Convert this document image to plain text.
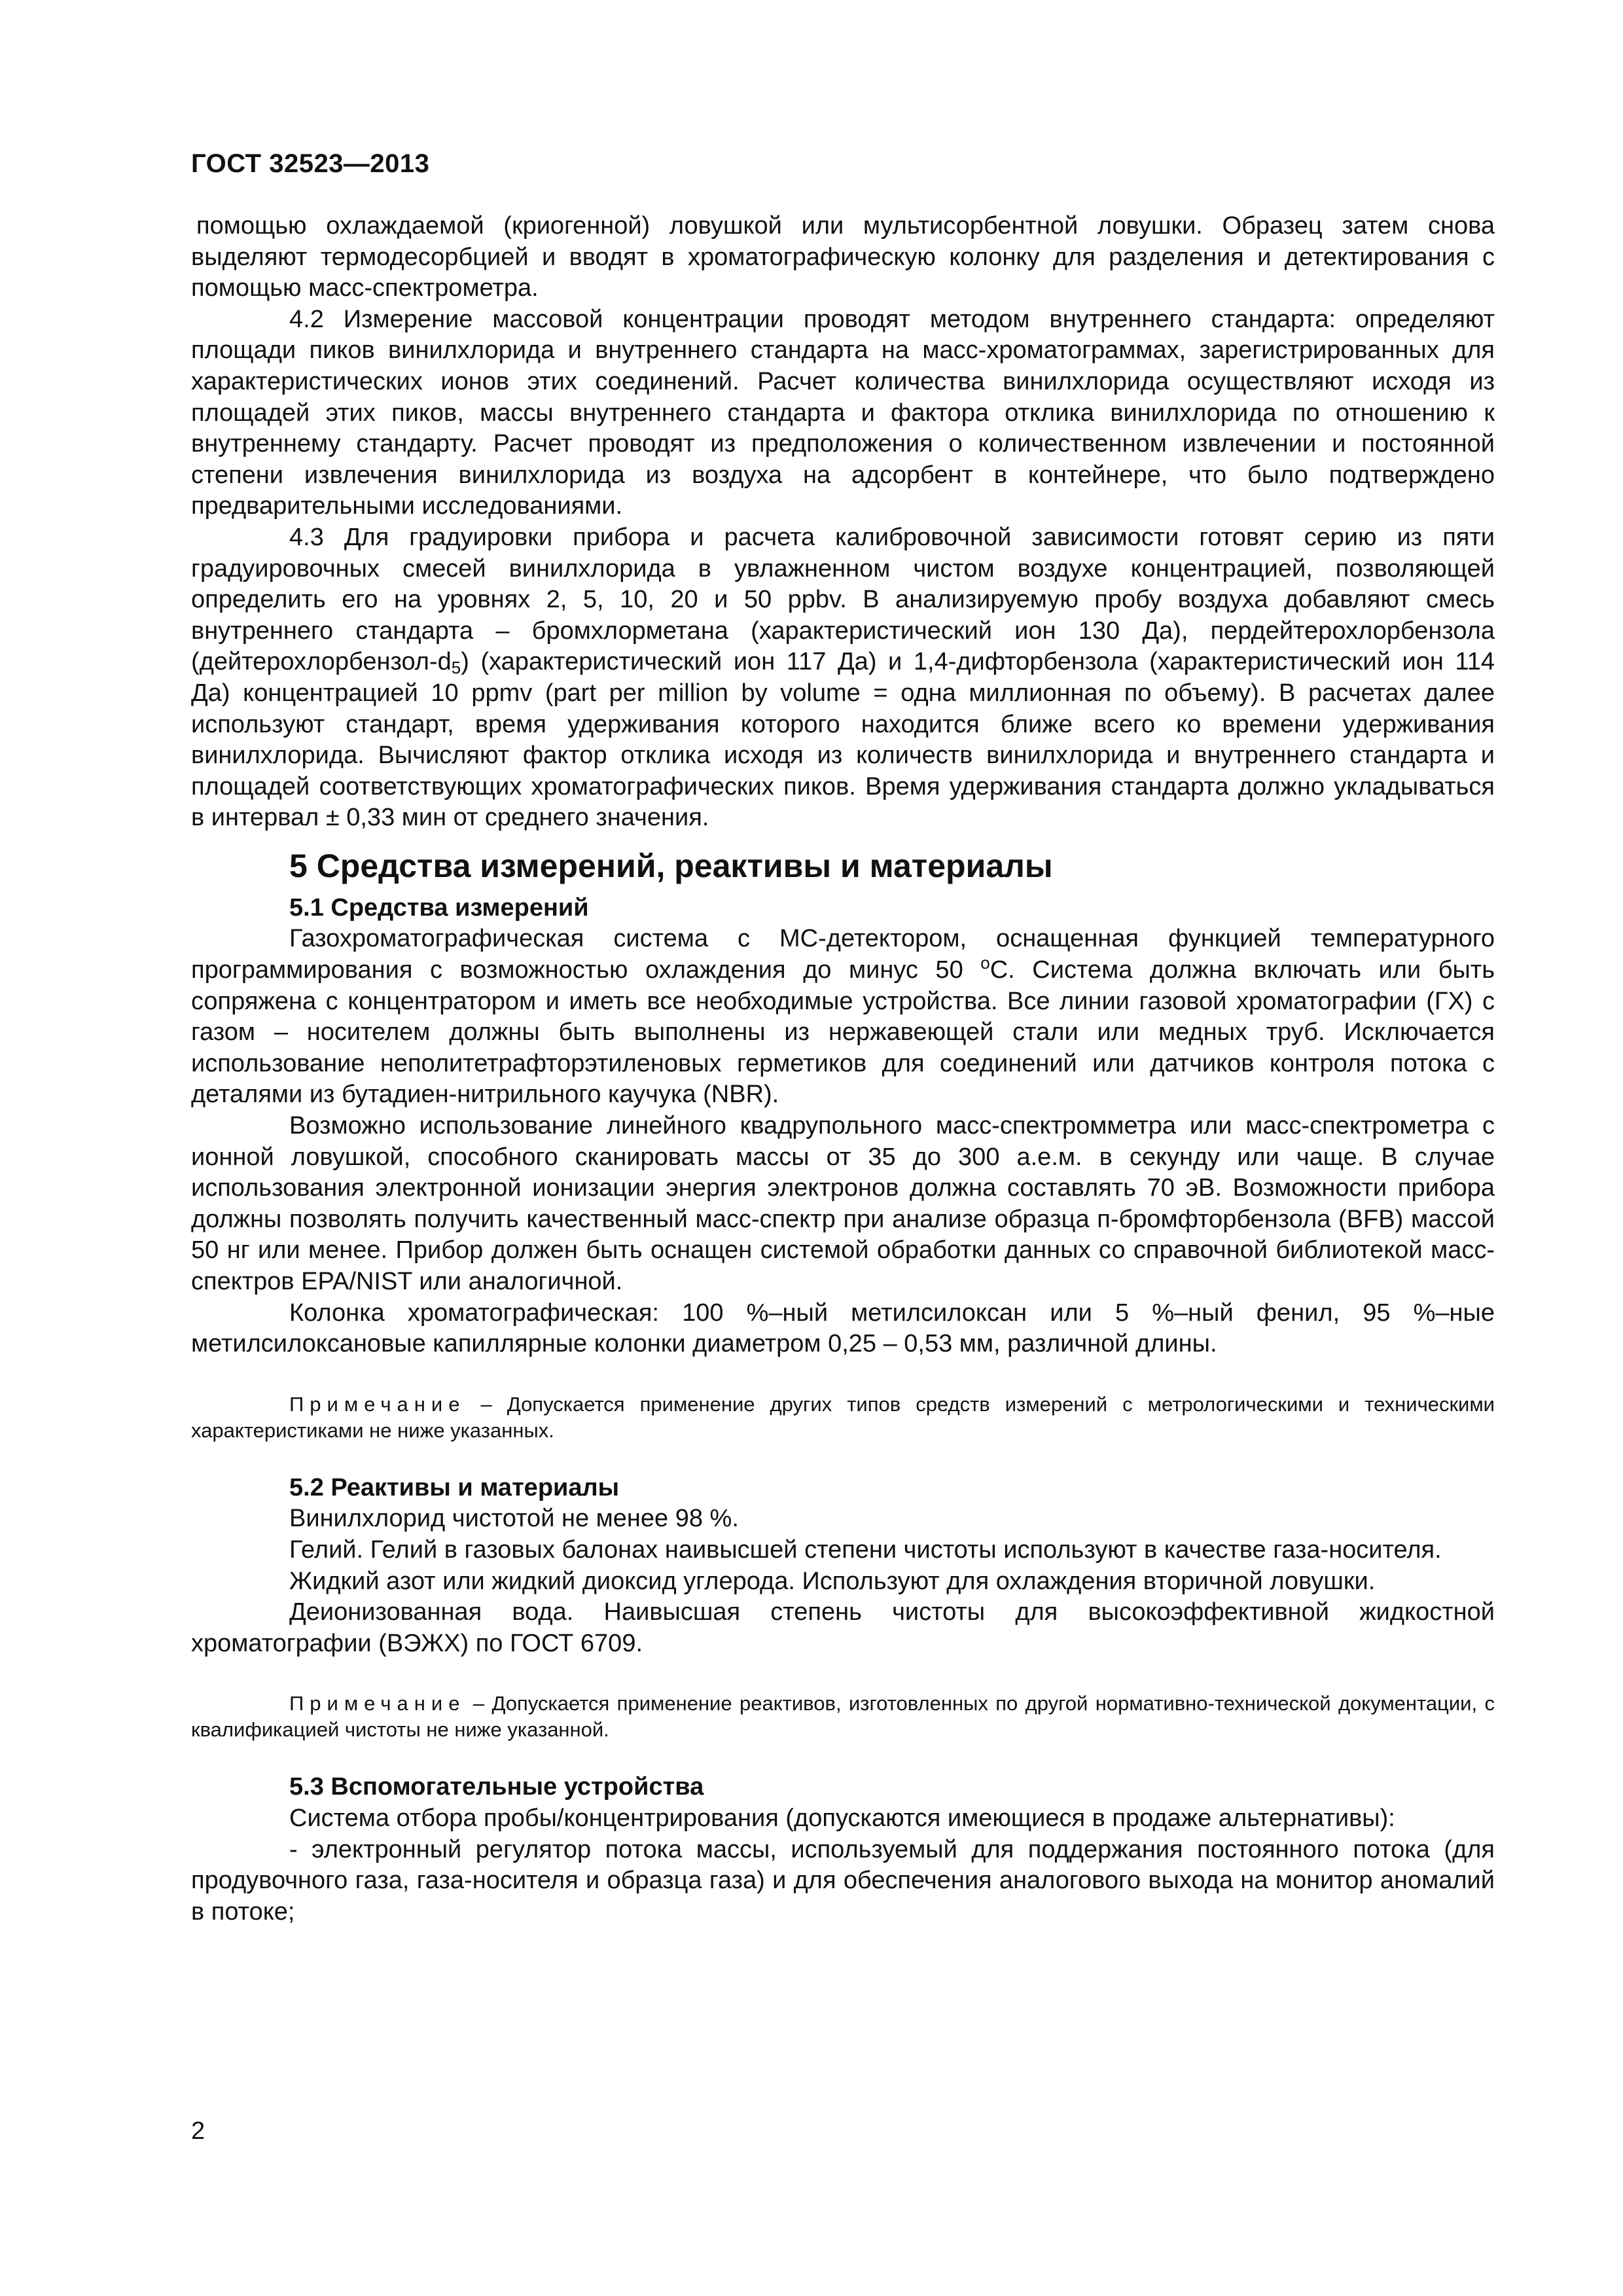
ГОСТ 32523—2013

помощью охлаждаемой (криогенной) ловушкой или мультисорбентной ловушки. Образец затем снова выделяют термодесорбцией и вводят в хроматографическую колонку для разделения и детектирования с помощью масс-спектрометра.

4.2 Измерение массовой концентрации проводят методом внутреннего стандарта: определяют площади пиков винилхлорида и внутреннего стандарта на масс-хроматограммах, зарегистрированных для характеристических ионов этих соединений. Расчет количества винилхлорида осуществляют исходя из площадей этих пиков, массы внутреннего стандарта и фактора отклика винилхлорида по отношению к внутреннему стандарту. Расчет проводят из предположения о количественном извлечении и постоянной степени извлечения винилхлорида из воздуха на адсорбент в контейнере, что было подтверждено предварительными исследованиями.

4.3 Для градуировки прибора и расчета калибровочной зависимости готовят серию из пяти градуировочных смесей винилхлорида в увлажненном чистом воздухе концентрацией, позволяющей определить его на уровнях 2, 5, 10, 20 и 50 ppbv. В анализируемую пробу воздуха добавляют смесь внутреннего стандарта – бромхлорметана (характеристический ион 130 Да), пердейтерохлорбензола $(дейтерохлорбензол-d_5)$ (характеристический ион 117 Да) и 1,4-дифторбензола (характеристический ион 114 Да) концентрацией 10 ppmv (part per million by volume = одна миллионная по объему). В расчетах далее используют стандарт, время удерживания которого находится ближе всего ко времени удерживания винилхлорида. Вычисляют фактор отклика исходя из количеств винилхлорида и внутреннего стандарта и площадей соответствующих хроматографических пиков. Время удерживания стандарта должно укладываться в интервал ± 0,33 мин от среднего значения.

5 Средства измерений, реактивы и материалы
5.1 Средства измерений

Газохроматографическая система с МС-детектором, оснащенная функцией температурного программирования с возможностью охлаждения до минус 50 $^o$С. Система должна включать или быть сопряжена с концентратором и иметь все необходимые устройства. Все линии газовой хроматографии (ГХ) с газом – носителем должны быть выполнены из нержавеющей стали или медных труб. Исключается использование неполитетрафторэтиленовых герметиков для соединений или датчиков контроля потока с деталями из бутадиен-нитрильного каучука (NBR).

Возможно использование линейного квадрупольного масс-спектромметра или масс-спектрометра с ионной ловушкой, способного сканировать массы от 35 до 300 а.е.м. в секунду или чаще. В случае использования электронной ионизации энергия электронов должна составлять 70 эВ. Возможности прибора должны позволять получить качественный масс-спектр при анализе образца п-бромфторбензола (BFB) массой 50 нг или менее. Прибор должен быть оснащен системой обработки данных со справочной библиотекой масс-спектров EPA/NIST или аналогичной.

Колонка хроматографическая: 100 %–ный метилсилоксан или 5 %–ный фенил, 95 %–ные метилсилоксановые капиллярные колонки диаметром 0,25 – 0,53 мм, различной длины.

Примечание – Допускается применение других типов средств измерений с метрологическими и техническими характеристиками не ниже указанных.

5.2 Реактивы и материалы

Винилхлорид чистотой не менее 98 %.

Гелий. Гелий в газовых балонах наивысшей степени чистоты используют в качестве газа-носителя.

Жидкий азот или жидкий диоксид углерода. Используют для охлаждения вторичной ловушки.

Деионизованная вода. Наивысшая степень чистоты для высокоэффективной жидкостной хроматографии (ВЭЖХ) по ГОСТ 6709.

Примечание – Допускается применение реактивов, изготовленных по другой нормативно-технической документации, с квалификацией чистоты не ниже указанной.

5.3 Вспомогательные устройства

Система отбора пробы/концентрирования (допускаются имеющиеся в продаже альтернативы):

- электронный регулятор потока массы, используемый для поддержания постоянного потока (для продувочного газа, газа-носителя и образца газа) и для обеспечения аналогового выхода на монитор аномалий в потоке;

2
